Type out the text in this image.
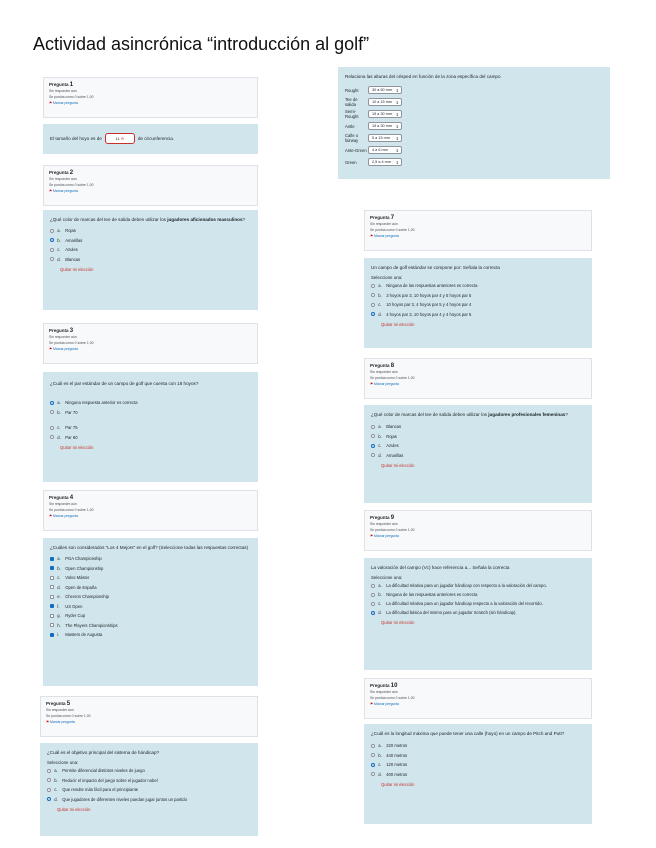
Actividad asincrónica “introducción al golf”
Pregunta 1
Sin responder aún
Se puntúa como 0 sobre 1,00
⚑Marcar pregunta
El tamaño del hoyo es de	11 ⊖	de circunferencia.
Pregunta 2
Sin responder aún
Se puntúa como 0 sobre 1,00
⚑Marcar pregunta
¿Qué color de marcas del tee de salida deben utilizar los jugadores aficionados masculinos?
a.	Rojas
b.	Amarillas
c.	Azules
d.	Blancas
Quitar mi elección
Pregunta 3
Sin responder aún
Se puntúa como 0 sobre 1,00
⚑Marcar pregunta
¿Cuál es el par estándar de un campo de golf que cuenta con 18 hoyos?
a.	Ninguna respuesta anterior es correcta
b.	Par 70
c.	Par 75
d.	Par 80
Quitar mi elección
Pregunta 4
Sin responder aún
Se puntúa como 0 sobre 1,00
⚑Marcar pregunta
¿Cuáles son considerados "Los 4 Mejors" en el golf? (Seleccione todas las respuestas correctas)
a.	PGA Championship
b.	Open Championship
c.	Volvo Máster
d.	Open de España
e.	Chevron Championship
f.	US Open
g.	Ryder Cup
h.	The Players Championships
i.	Masters de Augusta
Pregunta 5
Sin responder aún
Se puntúa como 0 sobre 1,00
⚑Marcar pregunta
¿Cuál es el objetivo principal del sistema de hándicap?
Seleccione una:
a.	Permite diferencial distintos niveles de juego
b.	Reducir el impacto del juego sobre el jugador nobel
c.	Que resulte más fácil para el principiante
d.	Que jugadores de diferentes niveles puedan jugar juntos un partido
Quitar mi elección
Relaciona las alturas del césped en función de la zona específica del campo
Rought	30 a 50 mm ⇕
Tee de salida	10 a 15 mm ⇕
Semi-Rought	15 a 30 mm ⇕
Antle	15 a 30 mm ⇕
Calle o fairway	5 a 15 mm ⇕
Ante-Green	4 a 6 mm ⇕
Green	2,5 a 4 mm ⇕
Pregunta 7
Sin responder aún
Se puntúa como 0 sobre 1,00
⚑Marcar pregunta
Un campo de golf estándar se compone por: Señala la correcta
Seleccione una:
a.	Ninguna de las respuestas anteriores es correcta
b.	3 hoyos par 3, 10 hoyos par 4 y 5 hoyos par 5
c.	10 hoyos par 3, 4 hoyos par 5 y 4 hoyos par 4
d.	4 hoyos par 3, 10 hoyos par 4 y 4 hoyos par 5
Quitar mi elección
Pregunta 8
Sin responder aún
Se puntúa como 0 sobre 1,00
⚑Marcar pregunta
¿Qué color de marcas del tee de salida deben utilizar los jugadores profesionales femeninas?
a.	Blancas
b.	Rojas
c.	Azules
d.	Amarillas
Quitar mi elección
Pregunta 9
Sin responder aún
Se puntúa como 0 sobre 1,00
⚑Marcar pregunta
La valoración del campo (Vc) hace referencia a... Señala la correcta
Seleccione una:
a.	La dificultad relativa para un jugador hándicap con respecto a la valoración del campo.
b.	Ninguna de las respuestas anteriores es correcta
c.	La dificultad relativa para un jugador hándicap respecto a la valoración del recorrido.
d.	La dificultad básica del mismo para un jugador Scratch (sin hándicap).
Quitar mi elección
Pregunta 10
Sin responder aún
Se puntúa como 0 sobre 1,00
⚑Marcar pregunta
¿Cuál es la longitud máxima que puede tener una calle (hoyo) en un campo de Pitch and Putt?
a.	220 metros
b.	440 metros
c.	120 metros
d.	400 metros
Quitar mi elección
